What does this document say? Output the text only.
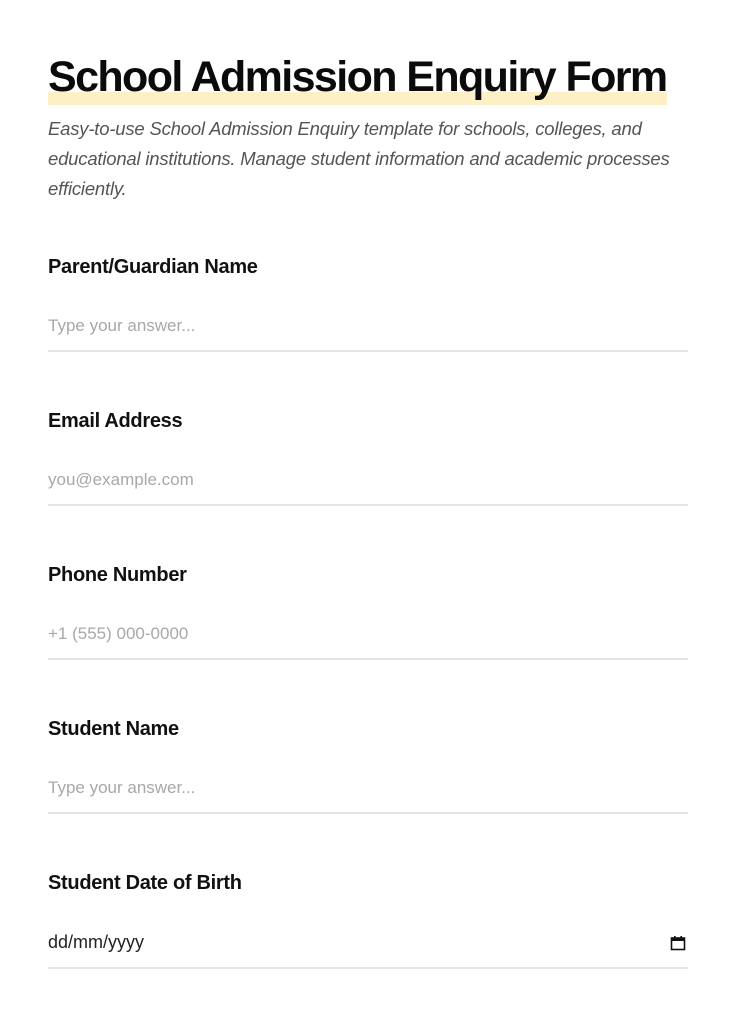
School Admission Enquiry Form

Easy-to-use School Admission Enquiry template for schools, colleges, and educational institutions. Manage student information and academic processes efficiently.

Parent/Guardian Name
Type your answer...
Email Address
you@example.com
Phone Number
+1 (555) 000-0000
Student Name
Type your answer...
Student Date of Birth
dd/mm/yyyy
